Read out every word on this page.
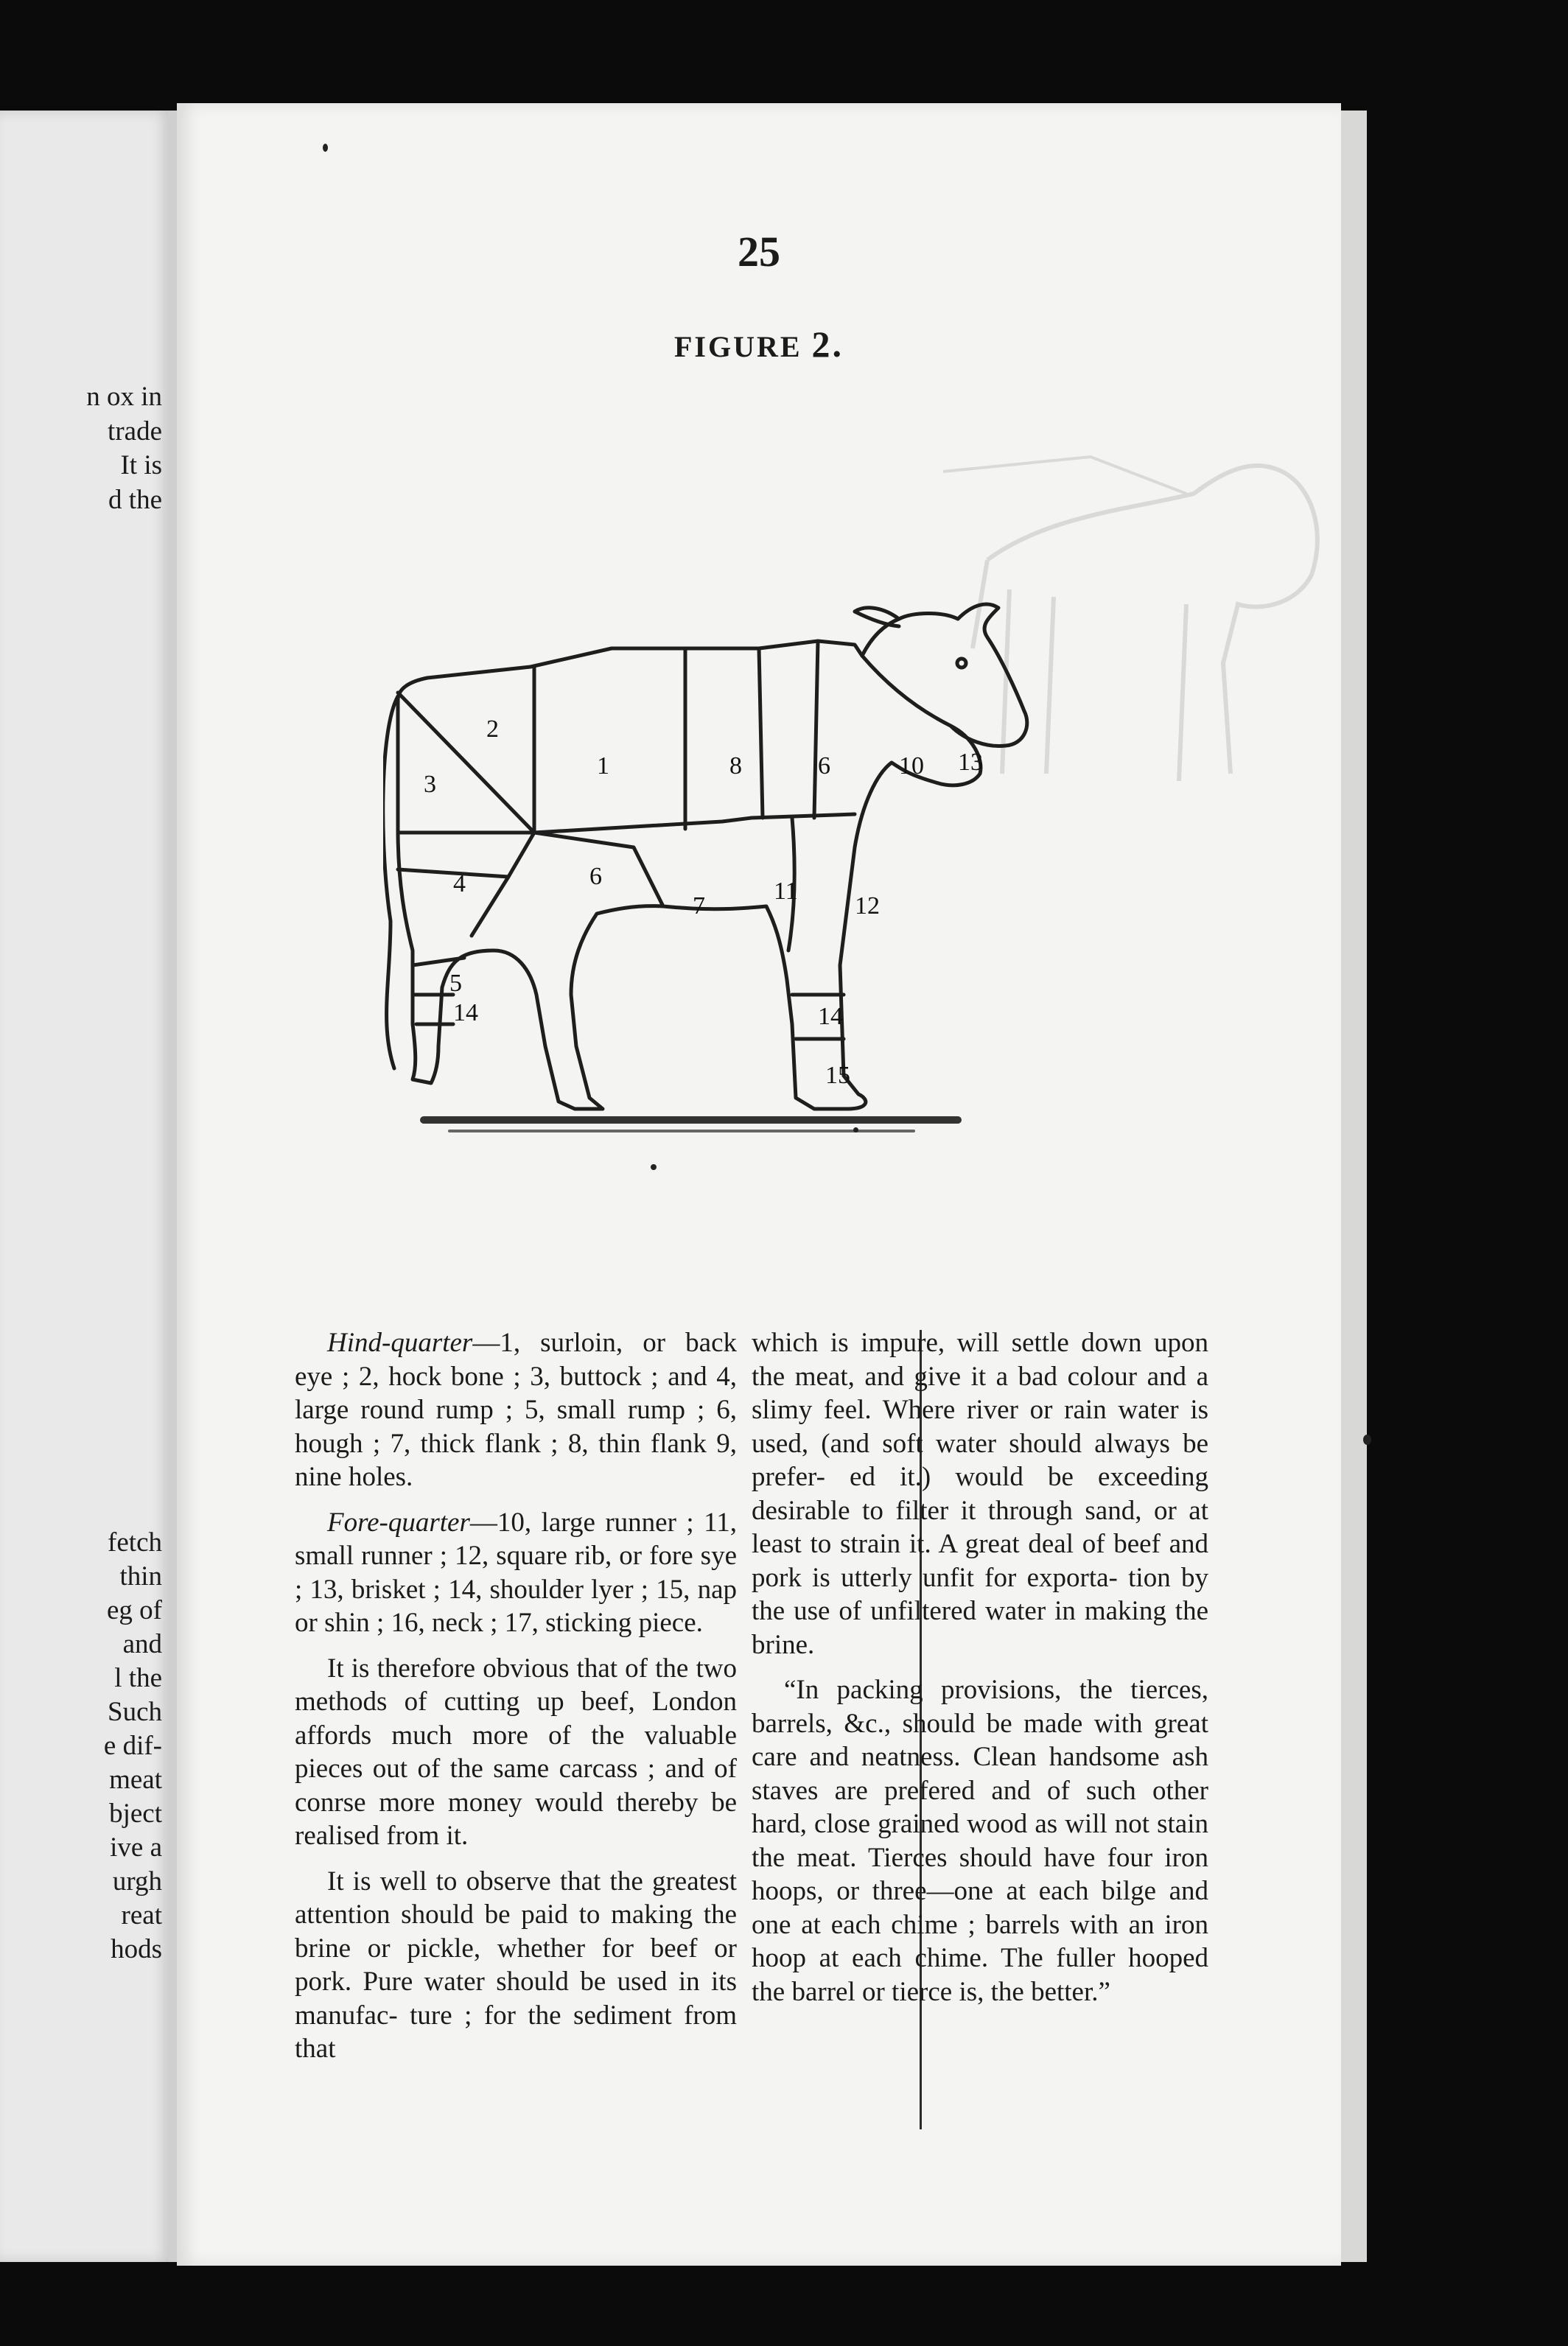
n ox in
trade
It is
d the
fetch
thin
eg of
and
l the
Such
e dif-
meat
bject
ive a
urgh
reat
hods
25
FIGURE 2.
2
1	8	6	10 13
3
4	6
7
11
12
5
14	14
15

Hind-quarter—1, surloin, or back eye ; 2, hock bone ; 3, buttock ; and 4, large round rump ; 5, small rump ; 6, hough ; 7, thick flank ; 8, thin flank 9, nine holes.

Fore-quarter—10, large runner ; 11, small runner ; 12, square rib, or fore sye ; 13, brisket ; 14, shoulder lyer ; 15, nap or shin ; 16, neck ; 17, sticking piece.

It is therefore obvious that of the two methods of cutting up beef, London affords much more of the valuable pieces out of the same carcass ; and of conrse more money would thereby be realised from it.

It is well to observe that the greatest attention should be paid to making the brine or pickle, whether for beef or pork. Pure water should be used in its manufac- ture ; for the sediment from that

which is impure, will settle down upon the meat, and give it a bad colour and a slimy feel. Where river or rain water is used, (and soft water should always be prefer- ed it.) would be exceeding desirable to filter it through sand, or at least to strain it. A great deal of beef and pork is utterly unfit for exporta- tion by the use of unfiltered water in making the brine.

“In packing provisions, the tierces, barrels, &c., should be made with great care and neatness. Clean handsome ash staves are prefered and of such other hard, close grained wood as will not stain the meat. Tierces should have four iron hoops, or three—one at each bilge and one at each chime ; barrels with an iron hoop at each chime. The fuller hooped the barrel or tierce is, the better.”
